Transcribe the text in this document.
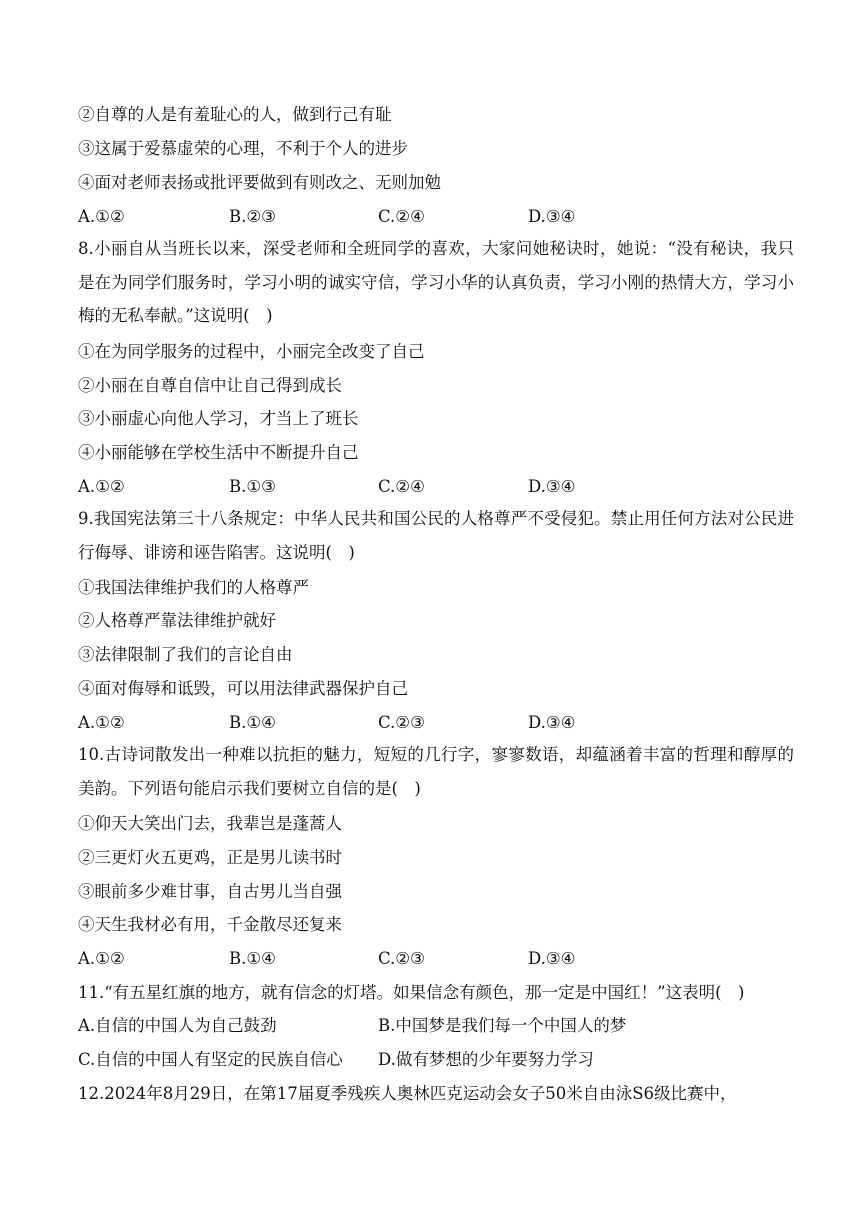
②自尊的人是有羞耻心的人，做到行己有耻
③这属于爱慕虚荣的心理，不利于个人的进步
④面对老师表扬或批评要做到有则改之、无则加勉
A.①②	B.②③	C.②④	D.③④
8.小丽自从当班长以来，深受老师和全班同学的喜欢，大家问她秘诀时，她说：“没有秘诀，我只是在为同学们服务时，学习小明的诚实守信，学习小华的认真负责，学习小刚的热情大方，学习小梅的无私奉献。”这说明(　)
①在为同学服务的过程中，小丽完全改变了自己
②小丽在自尊自信中让自己得到成长
③小丽虚心向他人学习，才当上了班长
④小丽能够在学校生活中不断提升自己
A.①②	B.①③	C.②④	D.③④
9.我国宪法第三十八条规定：中华人民共和国公民的人格尊严不受侵犯。禁止用任何方法对公民进行侮辱、诽谤和诬告陷害。这说明(　)
①我国法律维护我们的人格尊严
②人格尊严靠法律维护就好
③法律限制了我们的言论自由
④面对侮辱和诋毁，可以用法律武器保护自己
A.①②	B.①④	C.②③	D.③④
10.古诗词散发出一种难以抗拒的魅力，短短的几行字，寥寥数语，却蕴涵着丰富的哲理和醇厚的美韵。下列语句能启示我们要树立自信的是(　)
①仰天大笑出门去，我辈岂是蓬蒿人
②三更灯火五更鸡，正是男儿读书时
③眼前多少难甘事，自古男儿当自强
④天生我材必有用，千金散尽还复来
A.①②	B.①④	C.②③	D.③④
11.“有五星红旗的地方，就有信念的灯塔。如果信念有颜色，那一定是中国红！”这表明(　)
A.自信的中国人为自己鼓劲	B.中国梦是我们每一个中国人的梦
C.自信的中国人有坚定的民族自信心 D.做有梦想的少年要努力学习
12.2024年8月29日，在第17届夏季残疾人奥林匹克运动会女子50米自由泳S6级比赛中，
